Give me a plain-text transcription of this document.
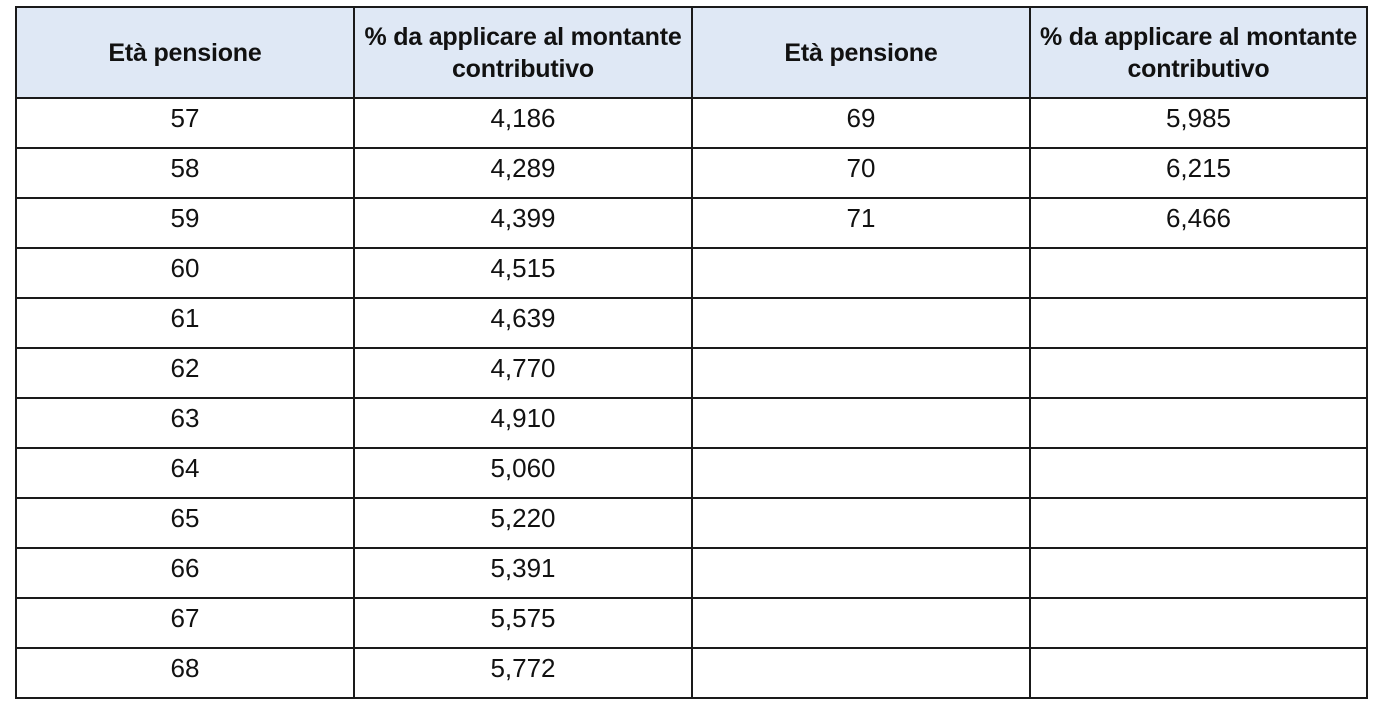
Età pensione	% da applicare al montante contributivo	Età pensione	% da applicare al montante contributivo
57	4,186	69	5,985
58	4,289	70	6,215
59	4,399	71	6,466
60	4,515		
61	4,639		
62	4,770		
63	4,910		
64	5,060		
65	5,220		
66	5,391		
67	5,575		
68	5,772		
